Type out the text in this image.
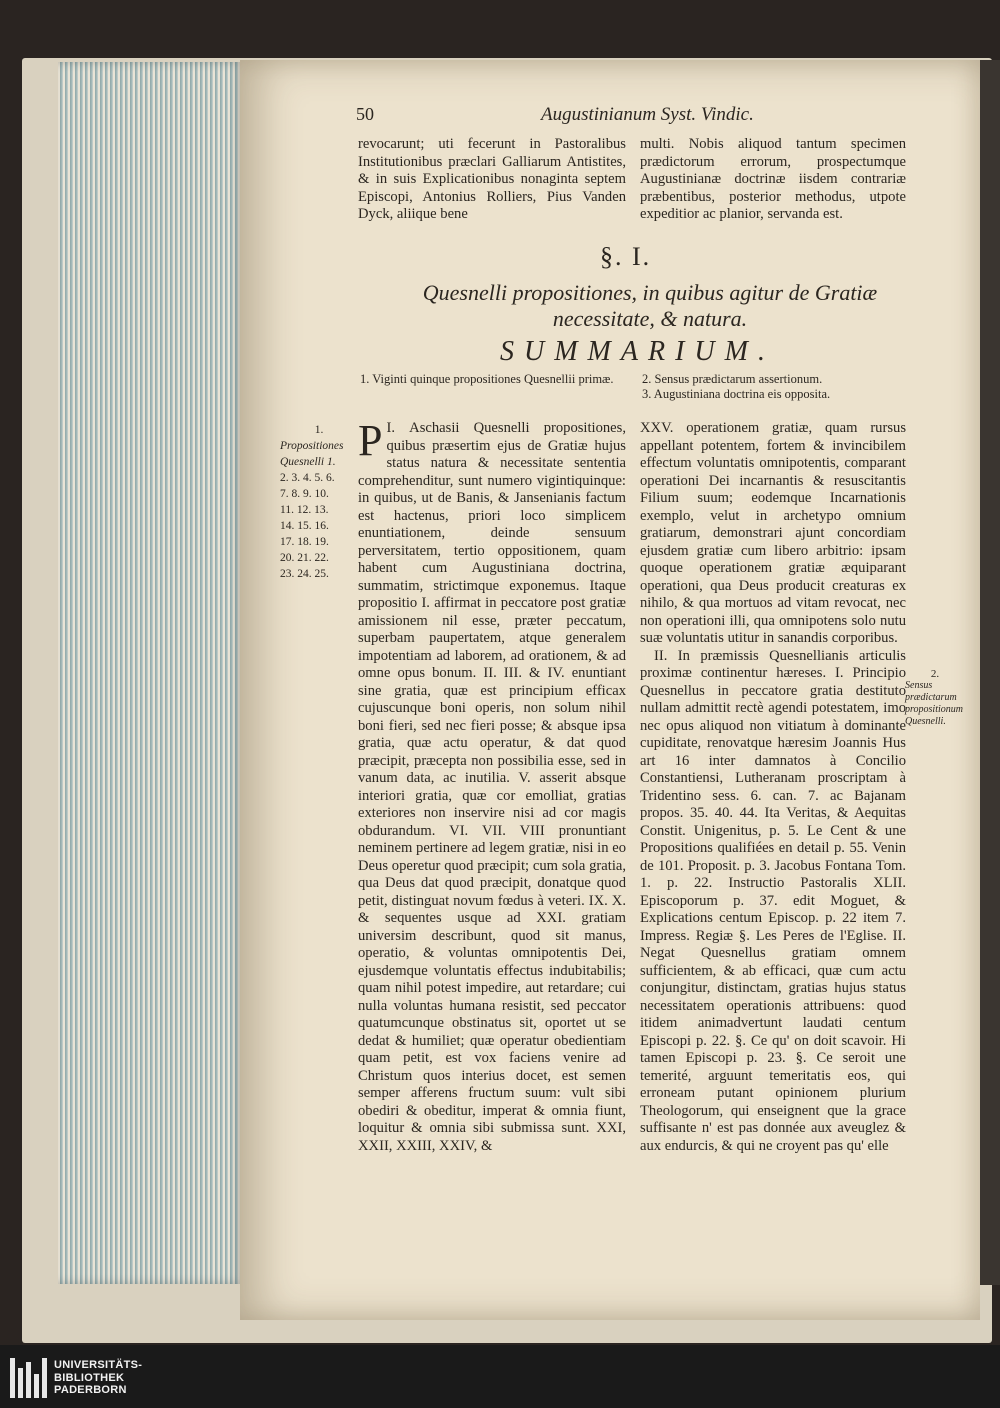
50	Augustinianum Syst. Vindic.
revocarunt; uti fecerunt in Pastoralibus Institutionibus præclari Galliarum Antistites, & in suis Explicationibus nonaginta septem Episcopi, Antonius Rolliers, Pius Vanden Dyck, aliique bene
multi. Nobis aliquod tantum specimen prædictorum errorum, prospectumque Augustinianæ doctrinæ iisdem contrariæ præbentibus, posterior methodus, utpote expeditior ac planior, servanda est.
§. I.
Quesnelli propositiones, in quibus agitur de Gratiæ
necessitate, & natura.
SUMMARIUM.
1. Viginti quinque propositiones Quesnellii primæ.	2. Sensus prædictarum assertionum.
3. Augustiniana doctrina eis opposita.
1.
Propositiones
Quesnelli 1.
2. 3. 4. 5. 6.
7. 8. 9. 10.
11. 12. 13.
14. 15. 16.
17. 18. 19.
20. 21. 22.
23. 24. 25.
2.
Sensus prædictarum propositionum Quesnelli.
I.
P Aschasii Quesnelli propositiones, quibus præsertim ejus de Gratiæ hujus status natura & necessitate sententia comprehenditur, sunt numero vigintiquinque: in quibus, ut de Banis, & Jansenianis factum est hactenus, priori loco simplicem enuntiationem, deinde sensuum perversitatem, tertio oppositionem, quam habent cum Augustiniana doctrina, summatim, strictimque exponemus. Itaque propositio I. affirmat in peccatore post gratiæ amissionem nil esse, præter peccatum, superbam paupertatem, atque generalem impotentiam ad laborem, ad orationem, & ad omne opus bonum. II. III. & IV. enuntiant sine gratia, quæ est principium efficax cujuscunque boni operis, non solum nihil boni fieri, sed nec fieri posse; & absque ipsa gratia, quæ actu operatur, & dat quod præcipit, præcepta non possibilia esse, sed in vanum data, ac inutilia. V. asserit absque interiori gratia, quæ cor emolliat, gratias exteriores non inservire nisi ad cor magis obdurandum. VI. VII. VIII pronuntiant neminem pertinere ad legem gratiæ, nisi in eo Deus operetur quod præcipit; cum sola gratia, qua Deus dat quod præcipit, donatque quod petit, distinguat novum fœdus à veteri. IX. X. & sequentes usque ad XXI. gratiam universim describunt, quod sit manus, operatio, & voluntas omnipotentis Dei, ejusdemque voluntatis effectus indubitabilis; quam nihil potest impedire, aut retardare; cui nulla voluntas humana resistit, sed peccator quatumcunque obstinatus sit, oportet ut se dedat & humiliet; quæ operatur obedientiam quam petit, est vox faciens venire ad Christum quos interius docet, est semen semper afferens fructum suum: vult sibi obediri & obeditur, imperat & omnia fiunt, loquitur & omnia sibi submissa sunt. XXI, XXII, XXIII, XXIV, &

XXV. operationem gratiæ, quam rursus appellant potentem, fortem & invincibilem effectum voluntatis omnipotentis, comparant operationi Dei incarnantis & resuscitantis Filium suum; eodemque Incarnationis exemplo, velut in archetypo omnium gratiarum, demonstrari ajunt concordiam ejusdem gratiæ cum libero arbitrio: ipsam quoque operationem gratiæ æquiparant operationi, qua Deus producit creaturas ex nihilo, & qua mortuos ad vitam revocat, nec non operationi illi, qua omnipotens solo nutu suæ voluntatis utitur in sanandis corporibus.

II. In præmissis Quesnellianis articulis proximæ continentur hæreses. I. Principio Quesnellus in peccatore gratia destituto nullam admittit rectè agendi potestatem, imo nec opus aliquod non vitiatum à dominante cupiditate, renovatque hæresim Joannis Hus art 16 inter damnatos à Concilio Constantiensi, Lutheranam proscriptam à Tridentino sess. 6. can. 7. ac Bajanam propos. 35. 40. 44. Ita Veritas, & Aequitas Constit. Unigenitus, p. 5. Le Cent & une Propositions qualifiées en detail p. 55. Venin de 101. Proposit. p. 3. Jacobus Fontana Tom. 1. p. 22. Instructio Pastoralis XLII. Episcoporum p. 37. edit Moguet, & Explications centum Episcop. p. 22 item 7. Impress. Regiæ §. Les Peres de l'Eglise. II. Negat Quesnellus gratiam omnem sufficientem, & ab efficaci, quæ cum actu conjungitur, distinctam, gratias hujus status necessitatem operationis attribuens: quod itidem animadvertunt laudati centum Episcopi p. 22. §. Ce qu' on doit scavoir. Hi tamen Episcopi p. 23. §. Ce seroit une temerité, arguunt temeritatis eos, qui erroneam putant opinionem plurium Theologorum, qui enseignent que la grace suffisante n' est pas donnée aux aveuglez & aux endurcis, & qui ne croyent pas qu' elle

UNIVERSITÄTS-
BIBLIOTHEK
PADERBORN
